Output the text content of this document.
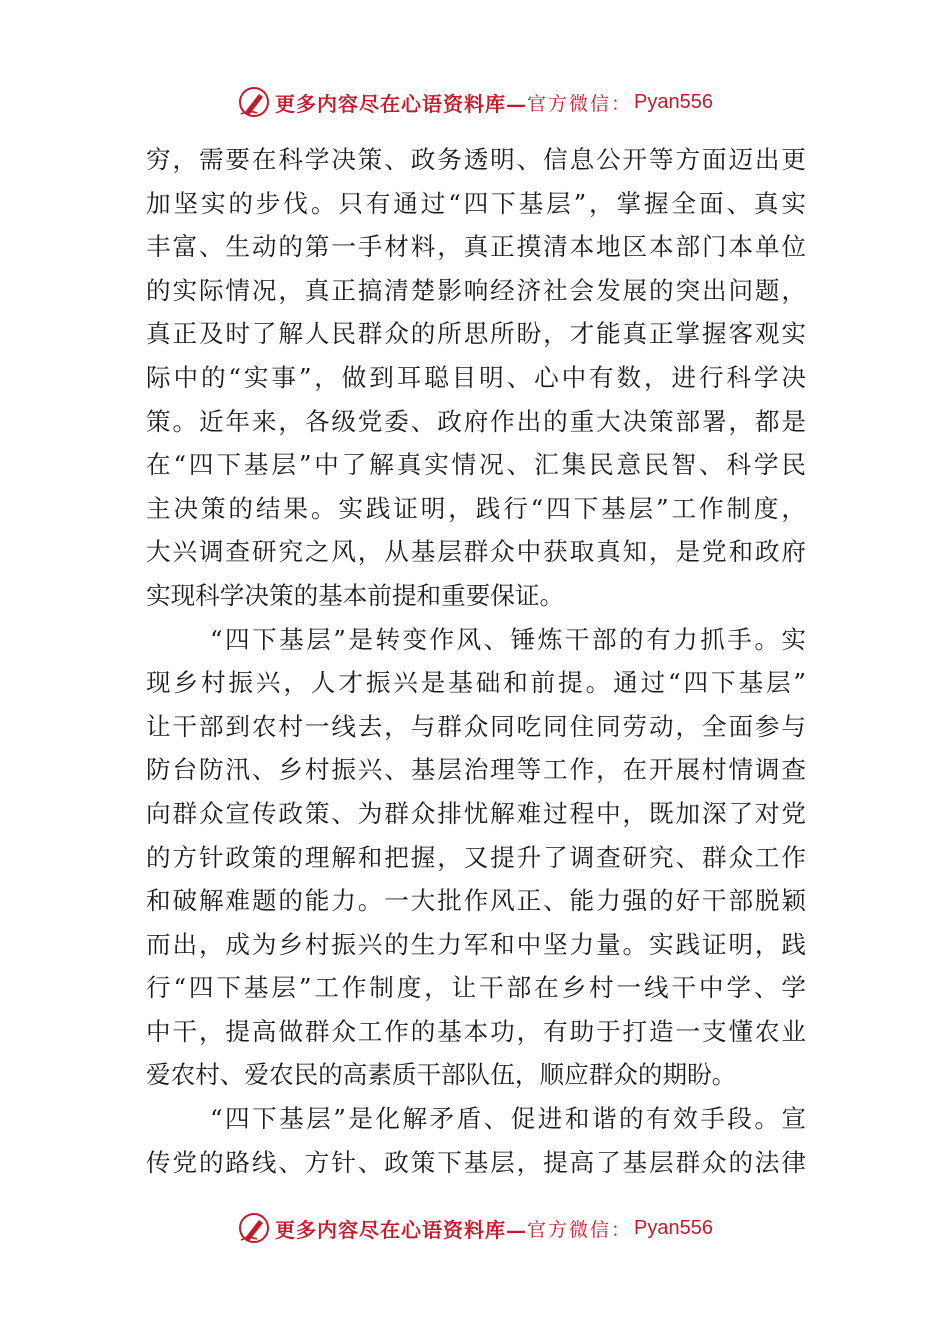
更多内容尽在心语资料库— 官方微信： Pyan556
穷，需要在科学决策、政务透明、信息公开等方面迈出更
加坚实的步伐。只有通过“四下基层”，掌握全面、真实
丰富、生动的第一手材料，真正摸清本地区本部门本单位
的实际情况，真正搞清楚影响经济社会发展的突出问题，
真正及时了解人民群众的所思所盼，才能真正掌握客观实
际中的“实事”，做到耳聪目明、心中有数，进行科学决
策。近年来，各级党委、政府作出的重大决策部署，都是
在“四下基层”中了解真实情况、汇集民意民智、科学民
主决策的结果。实践证明，践行“四下基层”工作制度，
大兴调查研究之风，从基层群众中获取真知，是党和政府
实现科学决策的基本前提和重要保证。
“四下基层”是转变作风、锤炼干部的有力抓手。实
现乡村振兴，人才振兴是基础和前提。通过“四下基层”
让干部到农村一线去，与群众同吃同住同劳动，全面参与
防台防汛、乡村振兴、基层治理等工作，在开展村情调查
向群众宣传政策、为群众排忧解难过程中，既加深了对党
的方针政策的理解和把握，又提升了调查研究、群众工作
和破解难题的能力。一大批作风正、能力强的好干部脱颖
而出，成为乡村振兴的生力军和中坚力量。实践证明，践
行“四下基层”工作制度，让干部在乡村一线干中学、学
中干，提高做群众工作的基本功，有助于打造一支懂农业
爱农村、爱农民的高素质干部队伍，顺应群众的期盼。
“四下基层”是化解矛盾、促进和谐的有效手段。宣
传党的路线、方针、政策下基层，提高了基层群众的法律
更多内容尽在心语资料库— 官方微信： Pyan556
